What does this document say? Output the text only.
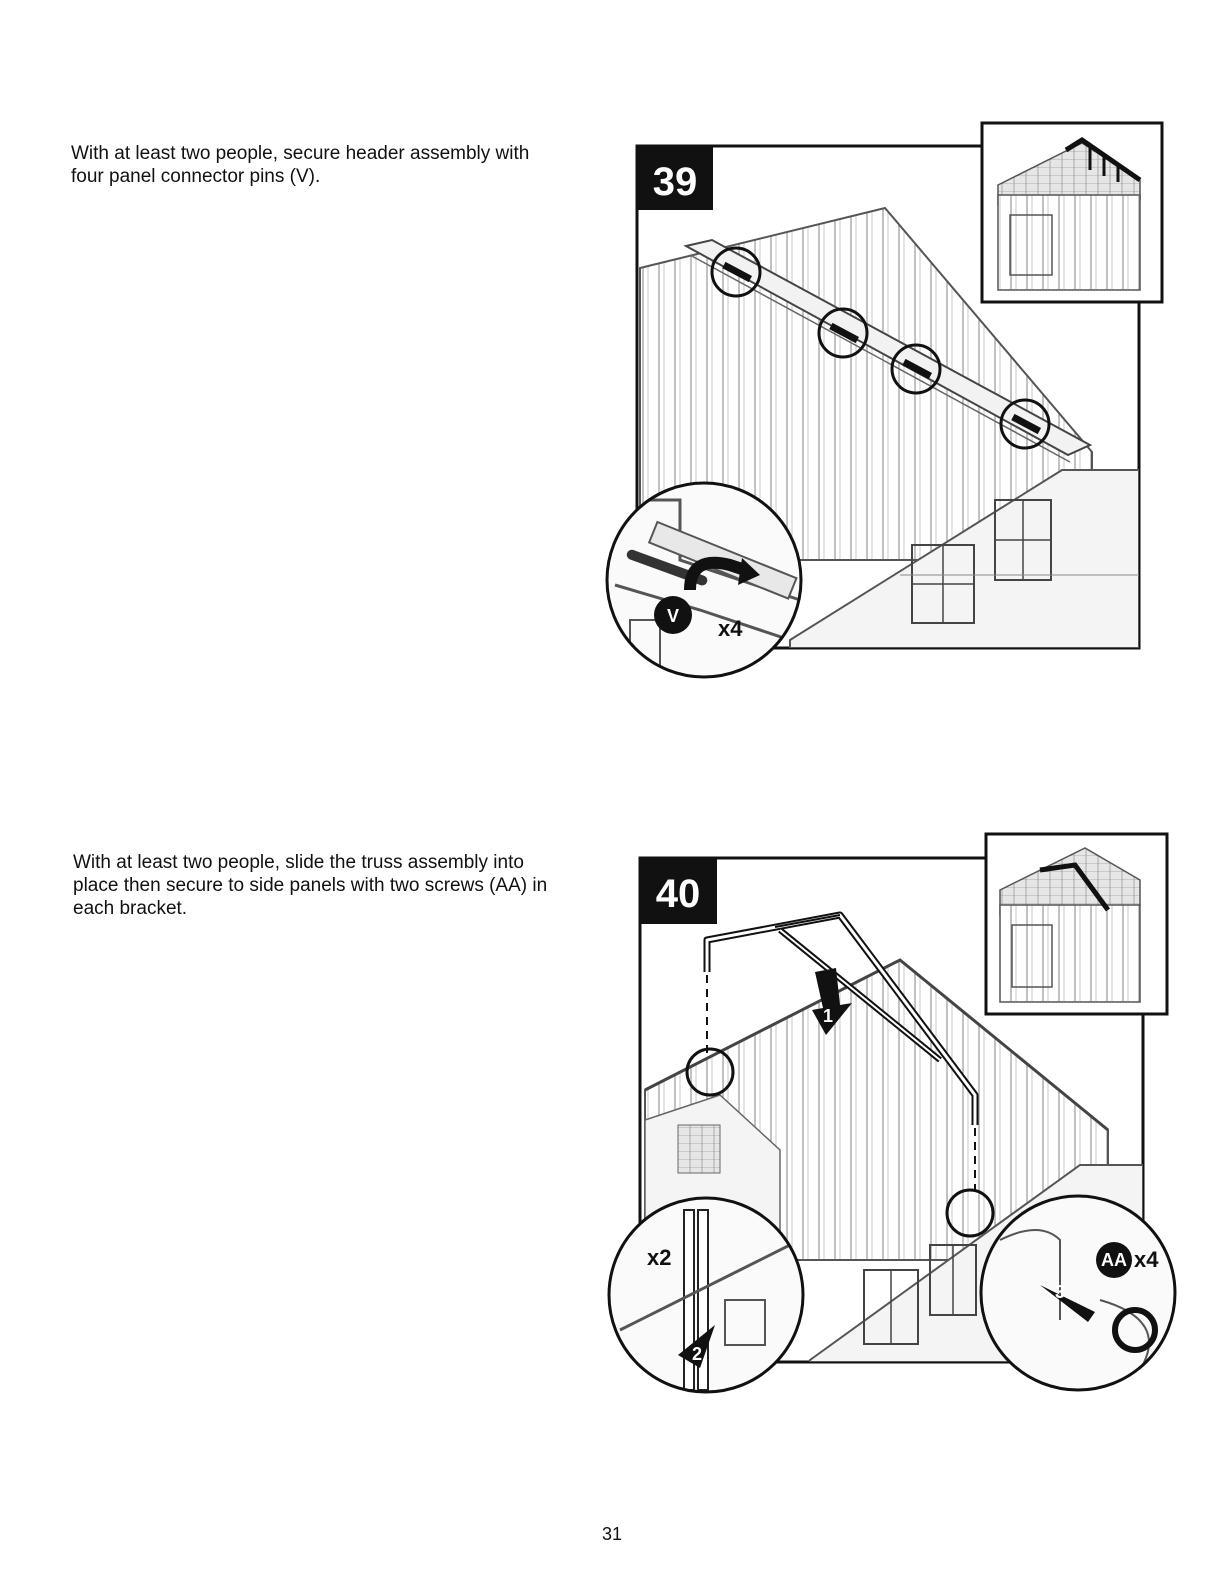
With at least two people, secure header assembly with four panel connector pins (V).

With at least two people, slide the truss assembly into place then secure to side panels with two screws (AA) in each bracket.

39
V x4
1
40
x2
2
AA x4
3
31
